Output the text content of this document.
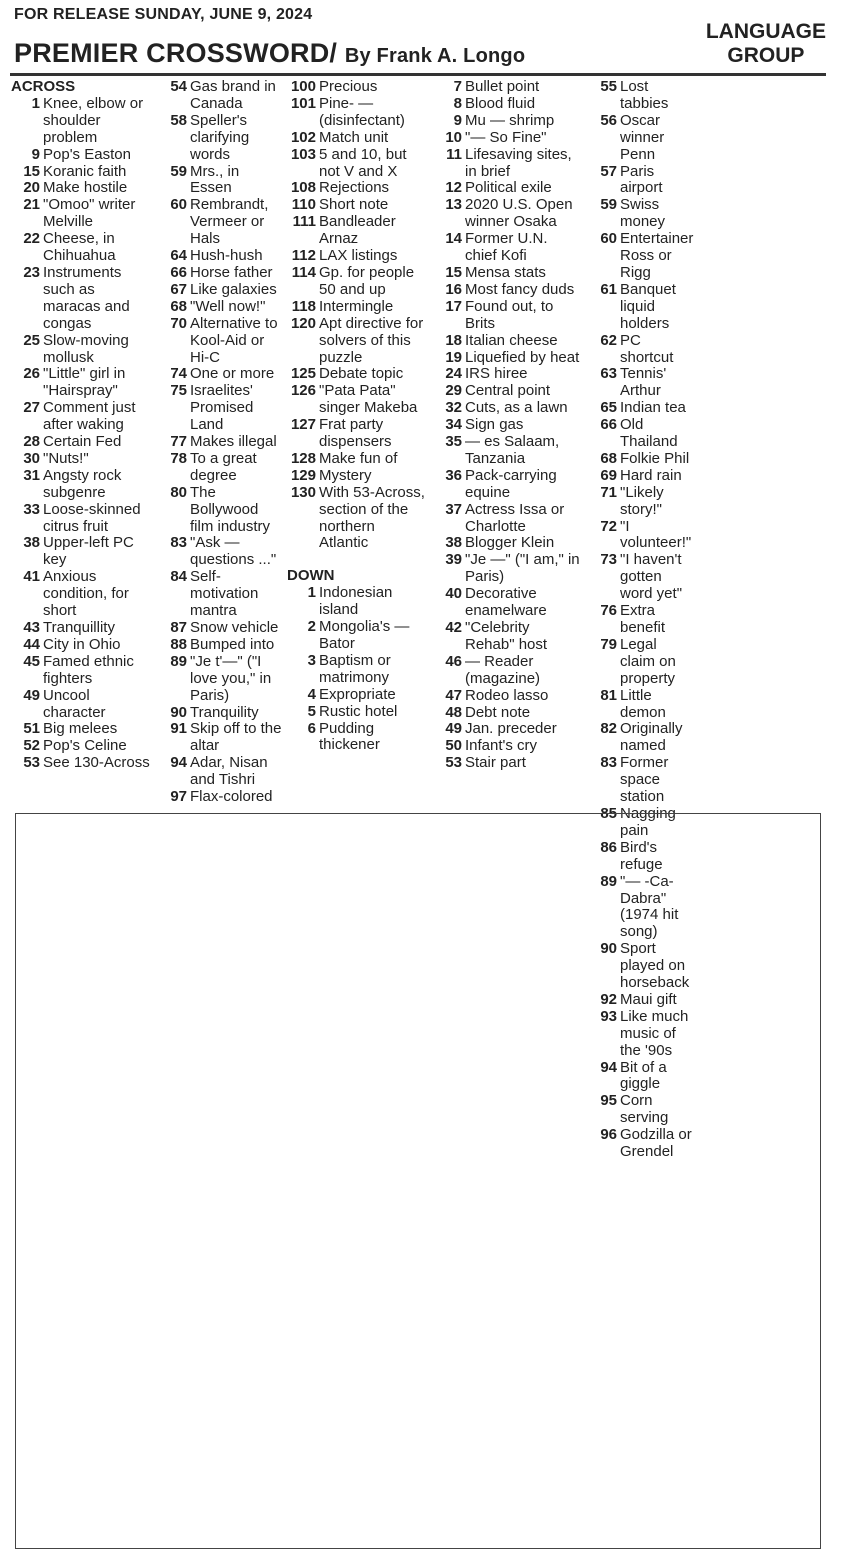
FOR RELEASE SUNDAY, JUNE 9, 2024
PREMIER CROSSWORD/ By Frank A. Longo
LANGUAGE
GROUP
ACROSS
1 Knee, elbow or shoulder problem
9 Pop's Easton
15 Koranic faith
20 Make hostile
21 "Omoo" writer Melville
22 Cheese, in Chihuahua
23 Instruments such as maracas and congas
25 Slow-moving mollusk
26 "Little" girl in "Hairspray"
27 Comment just after waking
28 Certain Fed
30 "Nuts!"
31 Angsty rock subgenre
33 Loose-skinned citrus fruit
38 Upper-left PC key
41 Anxious condition, for short
43 Tranquillity
44 City in Ohio
45 Famed ethnic fighters
49 Uncool character
51 Big melees
52 Pop's Celine
53 See 130-Across
54 Gas brand in Canada
58 Speller's clarifying words
59 Mrs., in Essen
60 Rembrandt, Vermeer or Hals
64 Hush-hush
66 Horse father
67 Like galaxies
68 "Well now!"
70 Alternative to Kool-Aid or Hi-C
74 One or more
75 Israelites' Promised Land
77 Makes illegal
78 To a great degree
80 The Bollywood film industry
83 "Ask — questions ..."
84 Self-motivation mantra
87 Snow vehicle
88 Bumped into
89 "Je t'—" ("I love you," in Paris)
90 Tranquility
91 Skip off to the altar
94 Adar, Nisan and Tishri
97 Flax-colored
100 Precious
101 Pine- — (disinfectant)
102 Match unit
103 5 and 10, but not V and X
108 Rejections
110 Short note
111 Bandleader Arnaz
112 LAX listings
114 Gp. for people 50 and up
118 Intermingle
120 Apt directive for solvers of this puzzle
125 Debate topic
126 "Pata Pata" singer Makeba
127 Frat party dispensers
128 Make fun of
129 Mystery
130 With 53-Across, section of the northern Atlantic
DOWN
1 Indonesian island
2 Mongolia's — Bator
3 Baptism or matrimony
4 Expropriate
5 Rustic hotel
6 Pudding thickener
7 Bullet point
8 Blood fluid
9 Mu — shrimp
10 "— So Fine"
11 Lifesaving sites, in brief
12 Political exile
13 2020 U.S. Open winner Osaka
14 Former U.N. chief Kofi
15 Mensa stats
16 Most fancy duds
17 Found out, to Brits
18 Italian cheese
19 Liquefied by heat
24 IRS hiree
29 Central point
32 Cuts, as a lawn
34 Sign gas
35 — es Salaam, Tanzania
36 Pack-carrying equine
37 Actress Issa or Charlotte
38 Blogger Klein
39 "Je —" ("I am," in Paris)
40 Decorative enamelware
42 "Celebrity Rehab" host
46 — Reader (magazine)
47 Rodeo lasso
48 Debt note
49 Jan. preceder
50 Infant's cry
53 Stair part
55 Lost tabbies
56 Oscar winner Penn
57 Paris airport
59 Swiss money
60 Entertainer Ross or Rigg
61 Banquet liquid holders
62 PC shortcut
63 Tennis' Arthur
65 Indian tea
66 Old Thailand
68 Folkie Phil
69 Hard rain
71 "Likely story!"
72 "I volunteer!"
73 "I haven't gotten word yet"
76 Extra benefit
79 Legal claim on property
81 Little demon
82 Originally named
83 Former space station
85 Nagging pain
86 Bird's refuge
89 "— -Ca-Dabra" (1974 hit song)
90 Sport played on horseback
92 Maui gift
93 Like much music of the '90s
94 Bit of a giggle
95 Corn serving
96 Godzilla or Grendel
